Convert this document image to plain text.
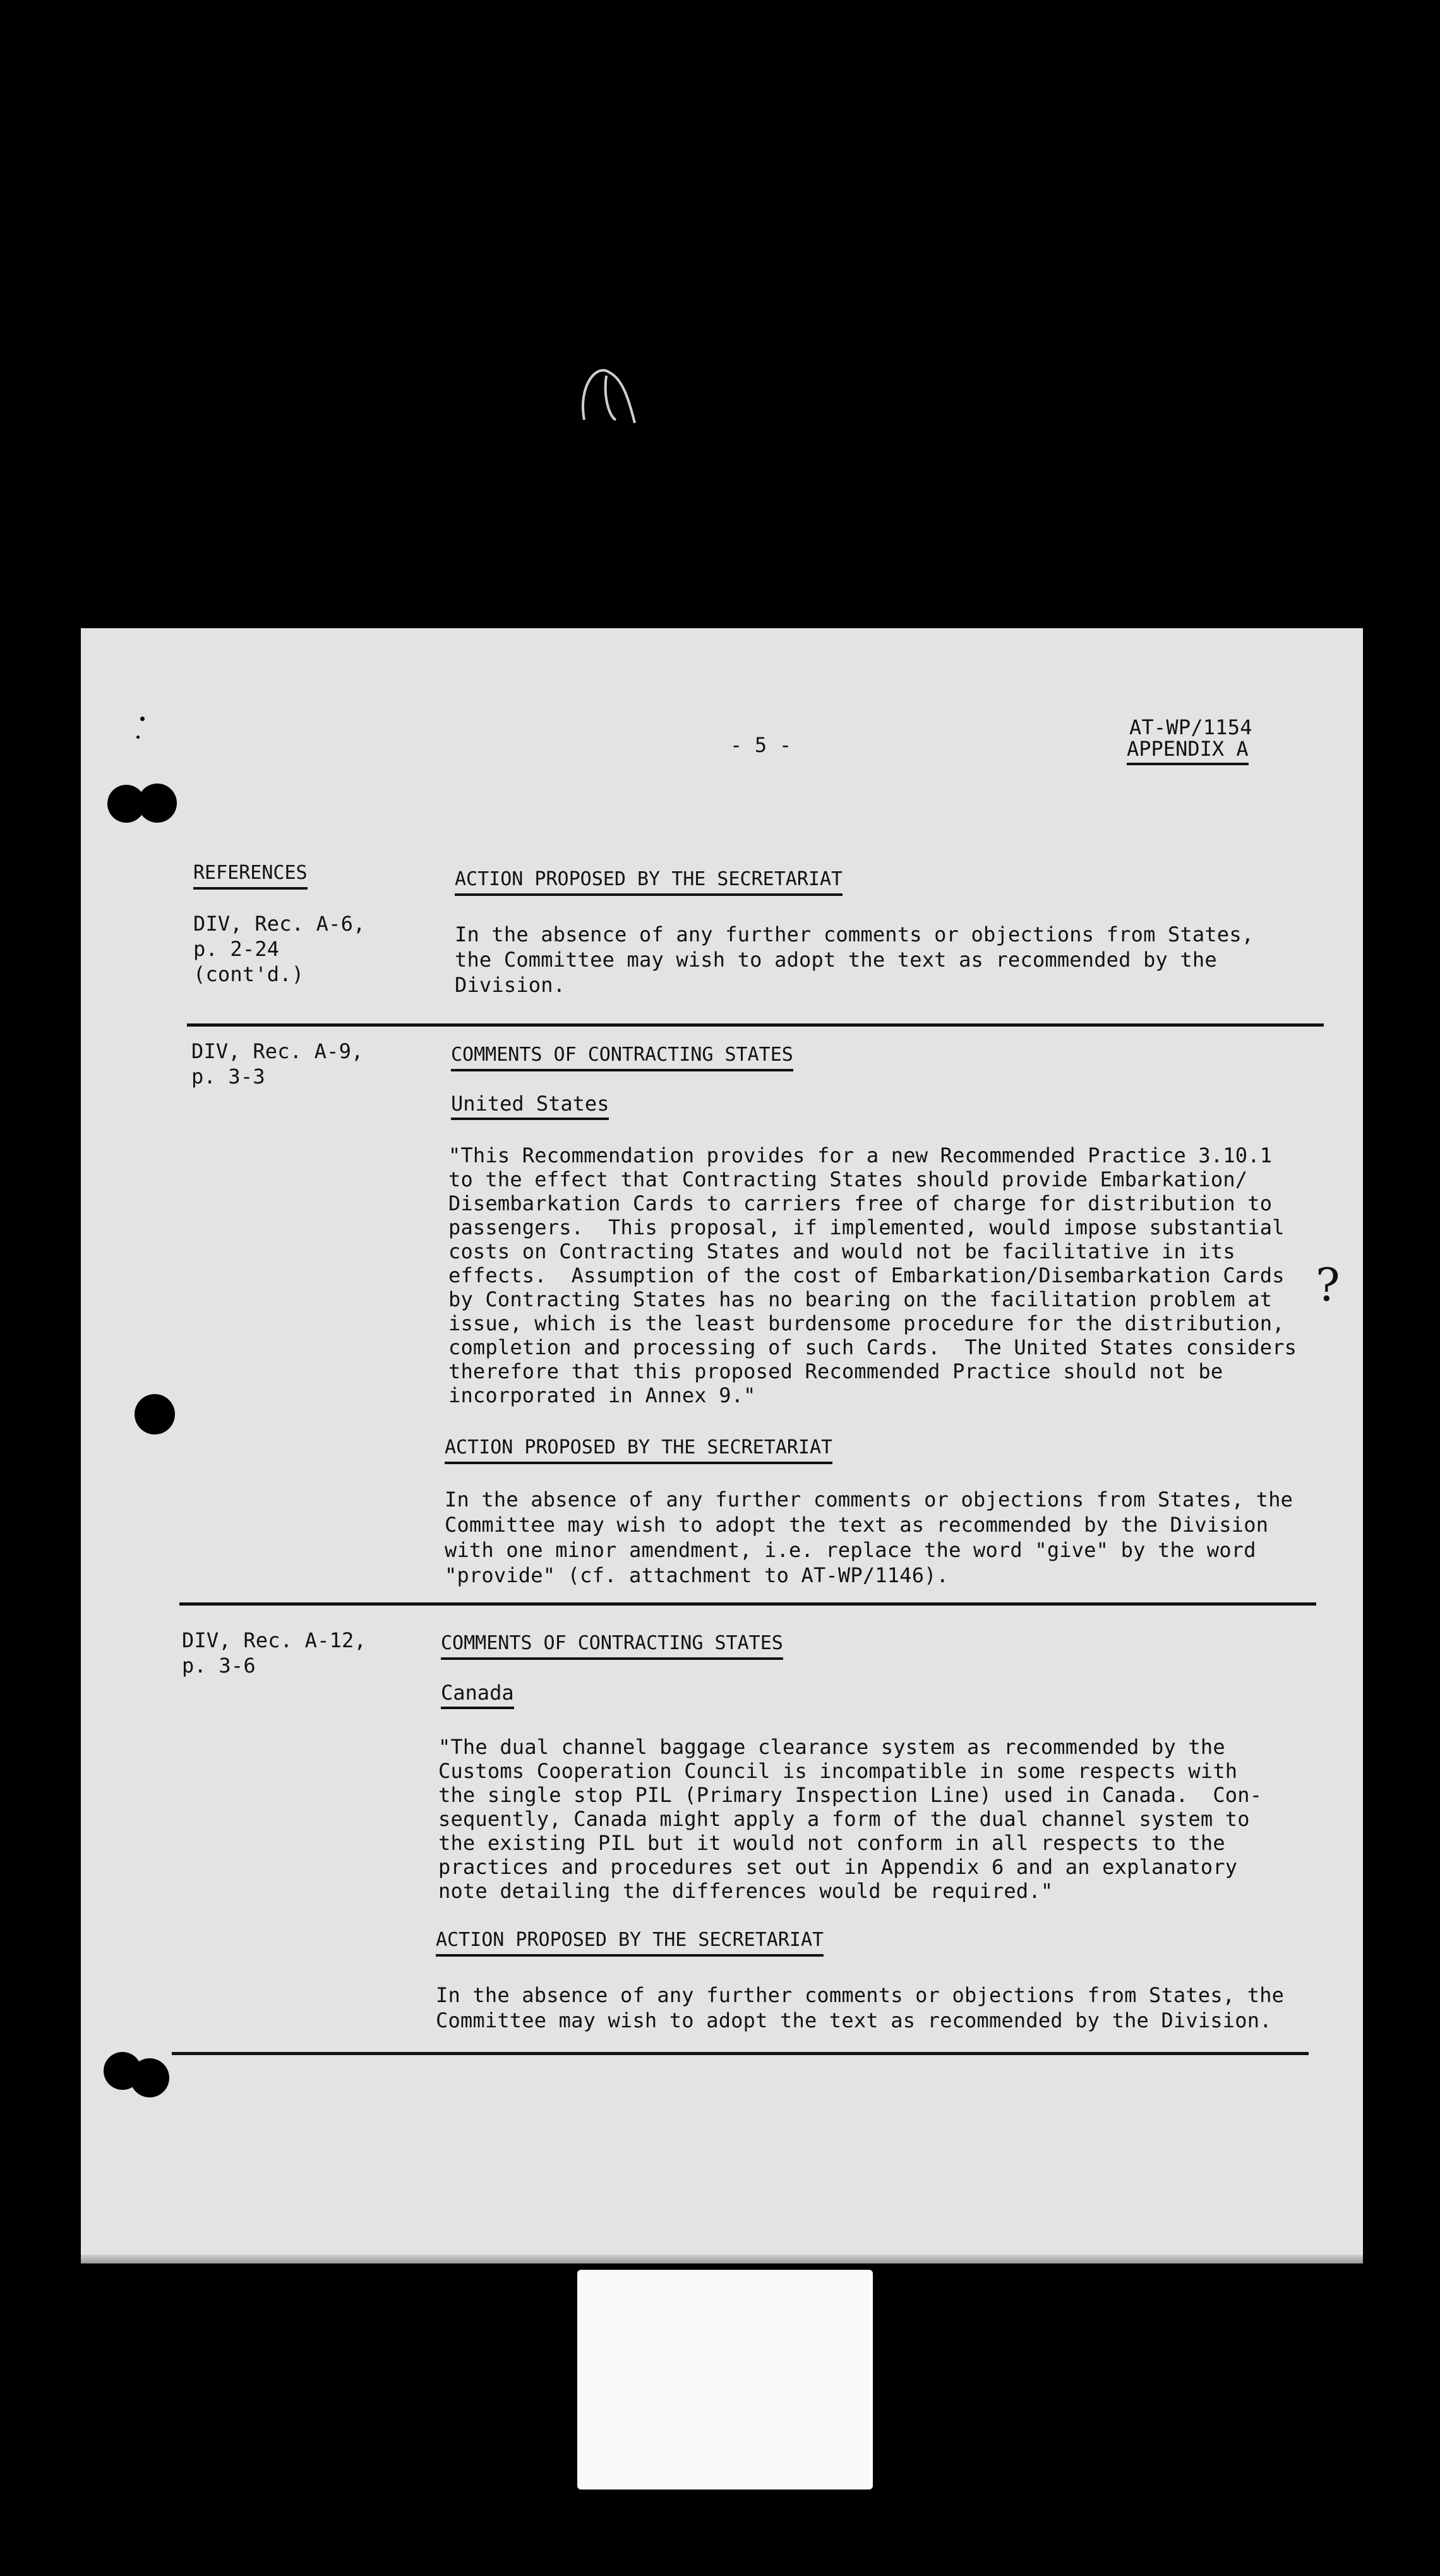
- 5 -
AT-WP/1154
APPENDIX A
REFERENCES	ACTION PROPOSED BY THE SECRETARIAT
DIV, Rec. A-6,
p. 2-24
(cont'd.)
In the absence of any further comments or objections from States,
the Committee may wish to adopt the text as recommended by the
Division.
DIV, Rec. A-9,
p. 3-3
COMMENTS OF CONTRACTING STATES
United States
"This Recommendation provides for a new Recommended Practice 3.10.1
to the effect that Contracting States should provide Embarkation/
Disembarkation Cards to carriers free of charge for distribution to
passengers.  This proposal, if implemented, would impose substantial
costs on Contracting States and would not be facilitative in its
effects.  Assumption of the cost of Embarkation/Disembarkation Cards
by Contracting States has no bearing on the facilitation problem at
issue, which is the least burdensome procedure for the distribution,
completion and processing of such Cards.  The United States considers
therefore that this proposed Recommended Practice should not be
incorporated in Annex 9."
?
ACTION PROPOSED BY THE SECRETARIAT
In the absence of any further comments or objections from States, the
Committee may wish to adopt the text as recommended by the Division
with one minor amendment, i.e. replace the word "give" by the word
"provide" (cf. attachment to AT-WP/1146).
DIV, Rec. A-12,
p. 3-6
COMMENTS OF CONTRACTING STATES
Canada
"The dual channel baggage clearance system as recommended by the
Customs Cooperation Council is incompatible in some respects with
the single stop PIL (Primary Inspection Line) used in Canada.  Con-
sequently, Canada might apply a form of the dual channel system to
the existing PIL but it would not conform in all respects to the
practices and procedures set out in Appendix 6 and an explanatory
note detailing the differences would be required."
ACTION PROPOSED BY THE SECRETARIAT
In the absence of any further comments or objections from States, the
Committee may wish to adopt the text as recommended by the Division.
